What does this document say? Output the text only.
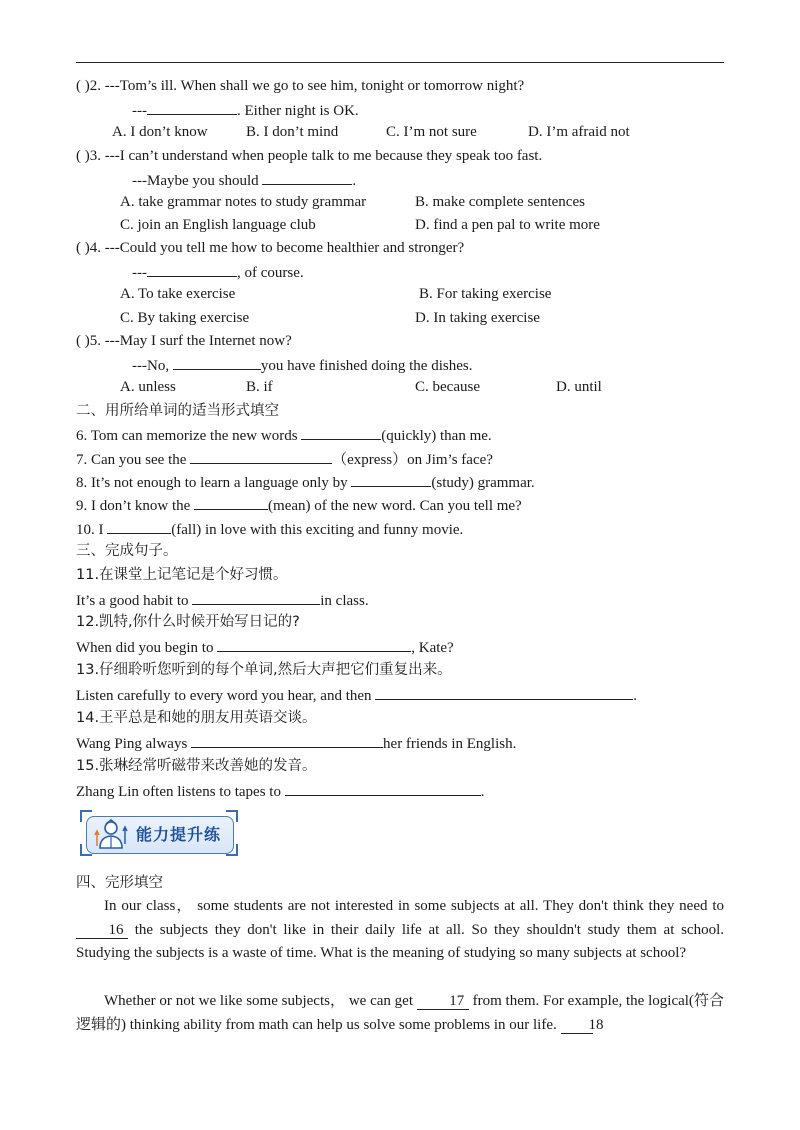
( )2. ---Tom’s ill. When shall we go to see him, tonight or tomorrow night?
---	. Either night is OK.
A. I don’t know	B. I don’t mind	C. I’m not sure	D. I’m afraid not
( )3. ---I can’t understand when people talk to me because they speak too fast.
---Maybe you should	.
A. take grammar notes to study grammar	B. make complete sentences
C. join an English language club	D. find a pen pal to write more
( )4. ---Could you tell me how to become healthier and stronger?
---	, of course.
A. To take exercise	B. For taking exercise
C. By taking exercise	D. In taking exercise
( )5. ---May I surf the Internet now?
---No,	you have finished doing the dishes.
A. unless	B. if	C. because	D. until
二、用所给单词的适当形式填空
6. Tom can memorize the new words	(quickly) than me.
7. Can you see the	（express）on Jim’s face?
8. It’s not enough to learn a language only by	(study) grammar.
9. I don’t know the	(mean) of the new word. Can you tell me?
10. I	(fall) in love with this exciting and funny movie.
三、完成句子。
11.在课堂上记笔记是个好习惯。
It’s a good habit to	in class.
12.凯特,你什么时候开始写日记的?
When did you begin to	, Kate?
13.仔细聆听您听到的每个单词,然后大声把它们重复出来。
Listen carefully to every word you hear, and then	.
14.王平总是和她的朋友用英语交谈。
Wang Ping always	her friends in English.
15.张琳经常听磁带来改善她的发音。
Zhang Lin often listens to tapes to	.
能力提升练
四、完形填空
In our class， some students are not interested in some subjects at all. They don't think they need to 16 the subjects they don't like in their daily life at all. So they shouldn't study them at school. Studying the subjects is a waste of time. What is the meaning of studying so many subjects at school?
Whether or not we like some subjects， we can get 17 from them. For example, the logical(符合逻辑的) thinking ability from math can help us solve some problems in our life. 18
